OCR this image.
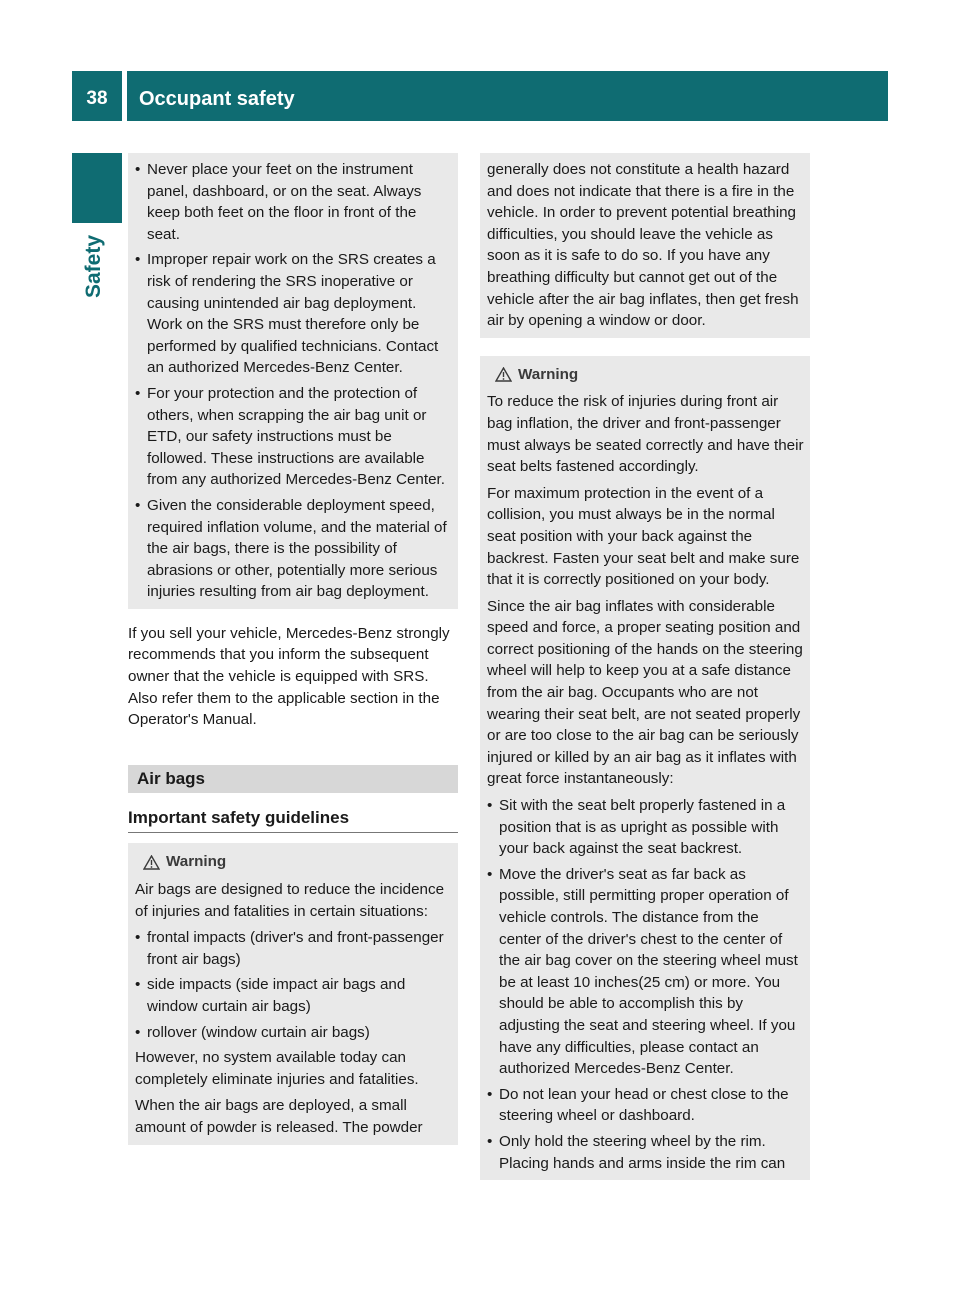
38	Occupant safety
Safety

• Never place your feet on the instrument panel, dashboard, or on the seat. Always keep both feet on the floor in front of the seat.

• Improper repair work on the SRS creates a risk of rendering the SRS inoperative or causing unintended air bag deployment. Work on the SRS must therefore only be performed by qualified technicians. Contact an authorized Mercedes-Benz Center.

• For your protection and the protection of others, when scrapping the air bag unit or ETD, our safety instructions must be followed. These instructions are available from any authorized Mercedes-Benz Center.

• Given the considerable deployment speed, required inflation volume, and the material of the air bags, there is the possibility of abrasions or other, potentially more serious injuries resulting from air bag deployment.

If you sell your vehicle, Mercedes-Benz strongly recommends that you inform the subsequent owner that the vehicle is equipped with SRS. Also refer them to the applicable section in the Operator's Manual.

Air bags
Important safety guidelines
Warning

Air bags are designed to reduce the incidence of injuries and fatalities in certain situations:

• frontal impacts (driver's and front-passenger front air bags)

• side impacts (side impact air bags and window curtain air bags)

• rollover (window curtain air bags)

However, no system available today can completely eliminate injuries and fatalities.

When the air bags are deployed, a small amount of powder is released. The powder

generally does not constitute a health hazard and does not indicate that there is a fire in the vehicle. In order to prevent potential breathing difficulties, you should leave the vehicle as soon as it is safe to do so. If you have any breathing difficulty but cannot get out of the vehicle after the air bag inflates, then get fresh air by opening a window or door.

Warning

To reduce the risk of injuries during front air bag inflation, the driver and front-passenger must always be seated correctly and have their seat belts fastened accordingly.

For maximum protection in the event of a collision, you must always be in the normal seat position with your back against the backrest. Fasten your seat belt and make sure that it is correctly positioned on your body.

Since the air bag inflates with considerable speed and force, a proper seating position and correct positioning of the hands on the steering wheel will help to keep you at a safe distance from the air bag. Occupants who are not wearing their seat belt, are not seated properly or are too close to the air bag can be seriously injured or killed by an air bag as it inflates with great force instantaneously:

• Sit with the seat belt properly fastened in a position that is as upright as possible with your back against the seat backrest.

• Move the driver's seat as far back as possible, still permitting proper operation of vehicle controls. The distance from the center of the driver's chest to the center of the air bag cover on the steering wheel must be at least 10 inches(25 cm) or more. You should be able to accomplish this by adjusting the seat and steering wheel. If you have any difficulties, please contact an authorized Mercedes-Benz Center.

• Do not lean your head or chest close to the steering wheel or dashboard.

• Only hold the steering wheel by the rim. Placing hands and arms inside the rim can
